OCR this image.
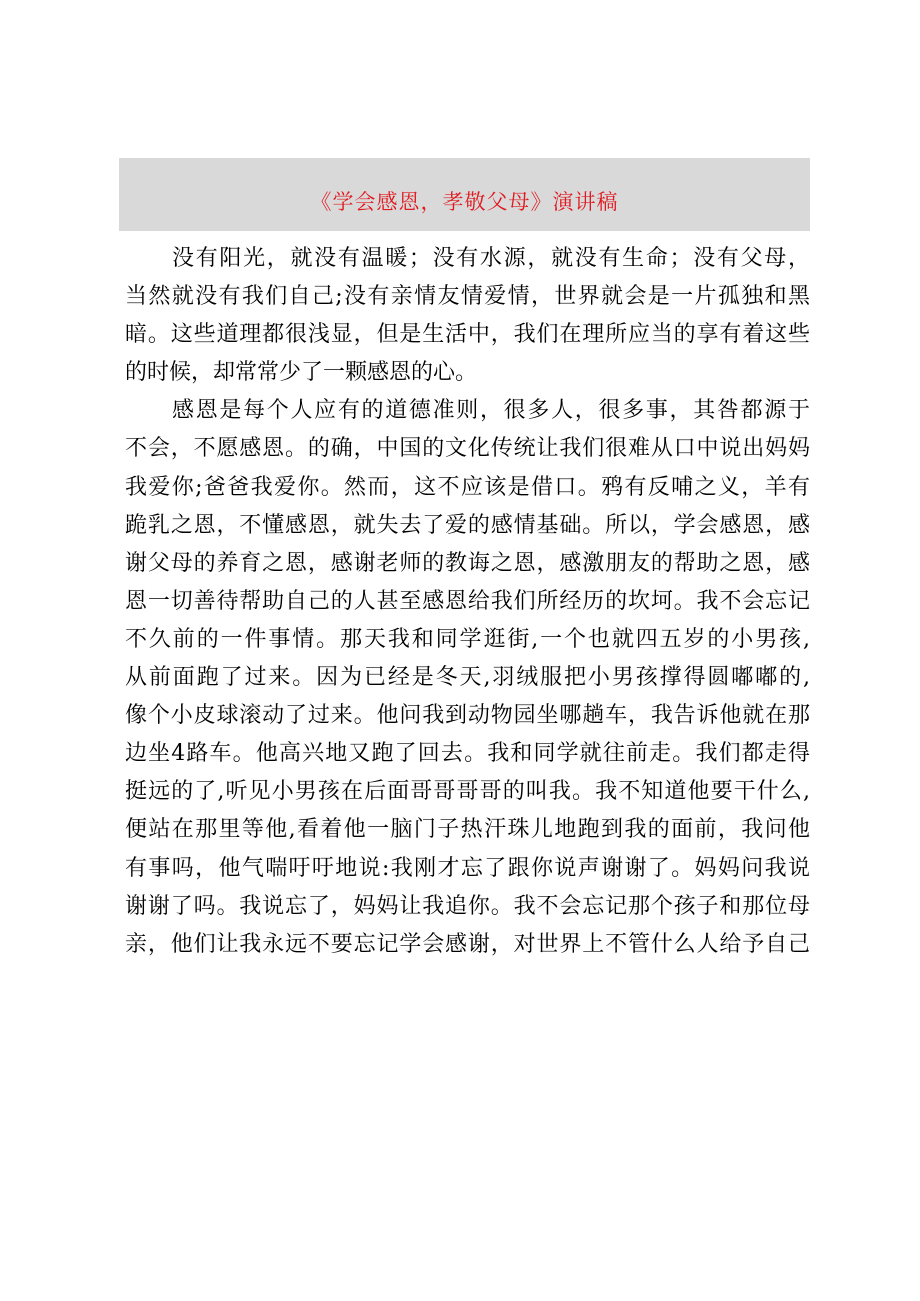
《学会感恩，孝敬父母》演讲稿
没有阳光，就没有温暖；没有水源，就没有生命；没有父母，
当然就没有我们自己;没有亲情友情爱情，世界就会是一片孤独和黑
暗。这些道理都很浅显，但是生活中，我们在理所应当的享有着这些
的时候，却常常少了一颗感恩的心。
感恩是每个人应有的道德准则，很多人，很多事，其咎都源于
不会，不愿感恩。的确，中国的文化传统让我们很难从口中说出妈妈
我爱你;爸爸我爱你。然而，这不应该是借口。鸦有反哺之义，羊有
跪乳之恩，不懂感恩，就失去了爱的感情基础。所以，学会感恩，感
谢父母的养育之恩，感谢老师的教诲之恩，感激朋友的帮助之恩，感
恩一切善待帮助自己的人甚至感恩给我们所经历的坎坷。我不会忘记
不久前的一件事情。那天我和同学逛街,一个也就四五岁的小男孩,
从前面跑了过来。因为已经是冬天,羽绒服把小男孩撑得圆嘟嘟的,
像个小皮球滚动了过来。他问我到动物园坐哪趟车，我告诉他就在那
边坐4路车。他高兴地又跑了回去。我和同学就往前走。我们都走得
挺远的了,听见小男孩在后面哥哥哥哥的叫我。我不知道他要干什么,
便站在那里等他,看着他一脑门子热汗珠儿地跑到我的面前，我问他
有事吗，他气喘吁吁地说:我刚才忘了跟你说声谢谢了。妈妈问我说
谢谢了吗。我说忘了，妈妈让我追你。我不会忘记那个孩子和那位母
亲，他们让我永远不要忘记学会感谢，对世界上不管什么人给予自己
